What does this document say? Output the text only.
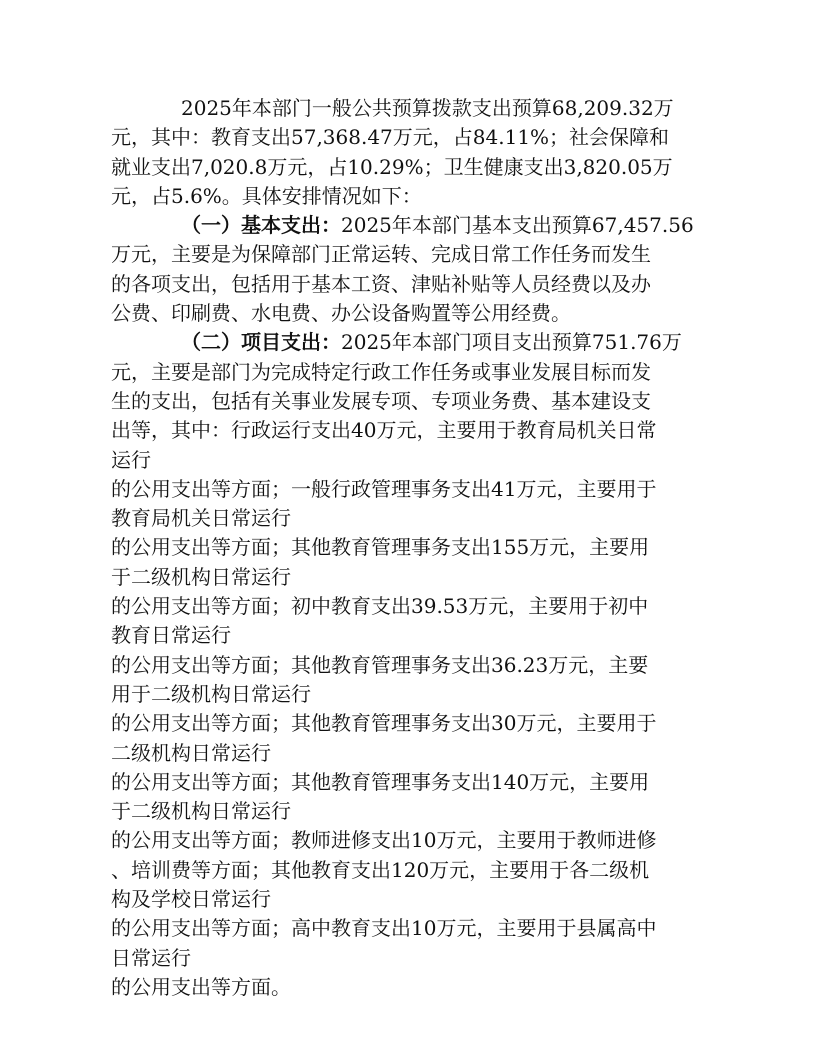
2025年本部门一般公共预算拨款支出预算68,209.32万
元，其中：教育支出57,368.47万元，占84.11%；社会保障和
就业支出7,020.8万元，占10.29%；卫生健康支出3,820.05万
元，占5.6%。具体安排情况如下：
（一）基本支出：2025年本部门基本支出预算67,457.56
万元，主要是为保障部门正常运转、完成日常工作任务而发生
的各项支出，包括用于基本工资、津贴补贴等人员经费以及办
公费、印刷费、水电费、办公设备购置等公用经费。
（二）项目支出：2025年本部门项目支出预算751.76万
元，主要是部门为完成特定行政工作任务或事业发展目标而发
生的支出，包括有关事业发展专项、专项业务费、基本建设支
出等，其中：行政运行支出40万元，主要用于教育局机关日常
运行
的公用支出等方面；一般行政管理事务支出41万元，主要用于
教育局机关日常运行
的公用支出等方面；其他教育管理事务支出155万元，主要用
于二级机构日常运行
的公用支出等方面；初中教育支出39.53万元，主要用于初中
教育日常运行
的公用支出等方面；其他教育管理事务支出36.23万元，主要
用于二级机构日常运行
的公用支出等方面；其他教育管理事务支出30万元，主要用于
二级机构日常运行
的公用支出等方面；其他教育管理事务支出140万元，主要用
于二级机构日常运行
的公用支出等方面；教师进修支出10万元，主要用于教师进修
、培训费等方面；其他教育支出120万元，主要用于各二级机
构及学校日常运行
的公用支出等方面；高中教育支出10万元，主要用于县属高中
日常运行
的公用支出等方面。
